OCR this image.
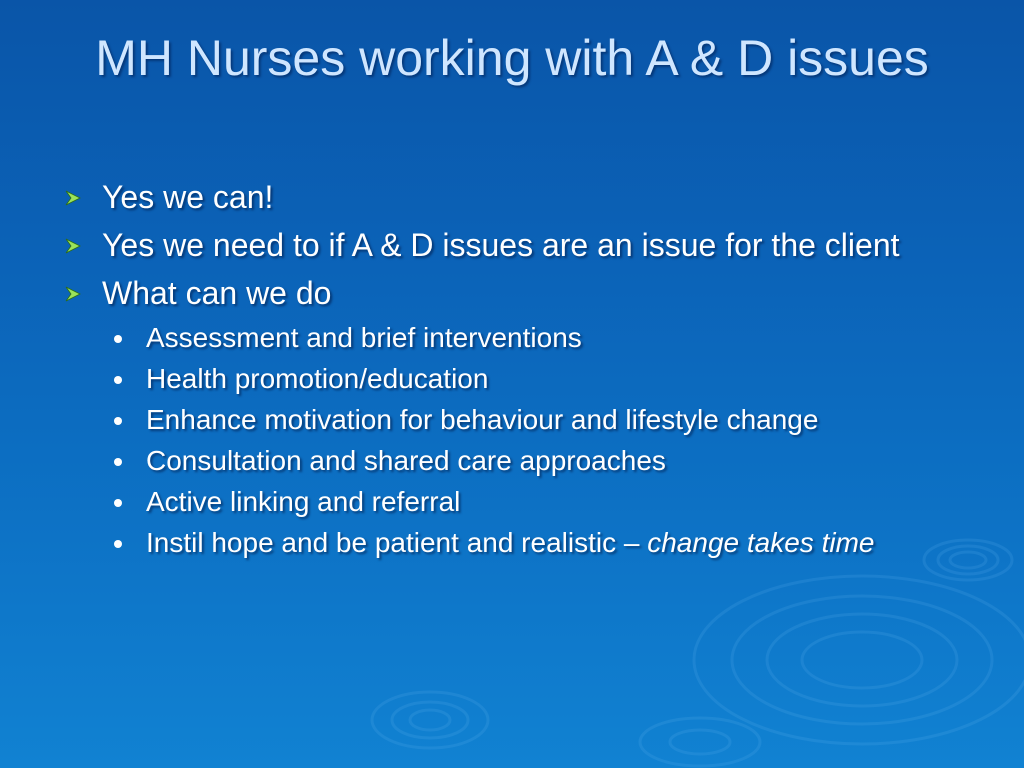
MH Nurses working with A & D issues
Yes we can!
Yes we need to if A & D issues are an issue for the client
What can we do
Assessment and brief interventions
Health promotion/education
Enhance motivation for behaviour and lifestyle change
Consultation and shared care approaches
Active linking and referral
Instil hope and be patient and realistic – change takes time
